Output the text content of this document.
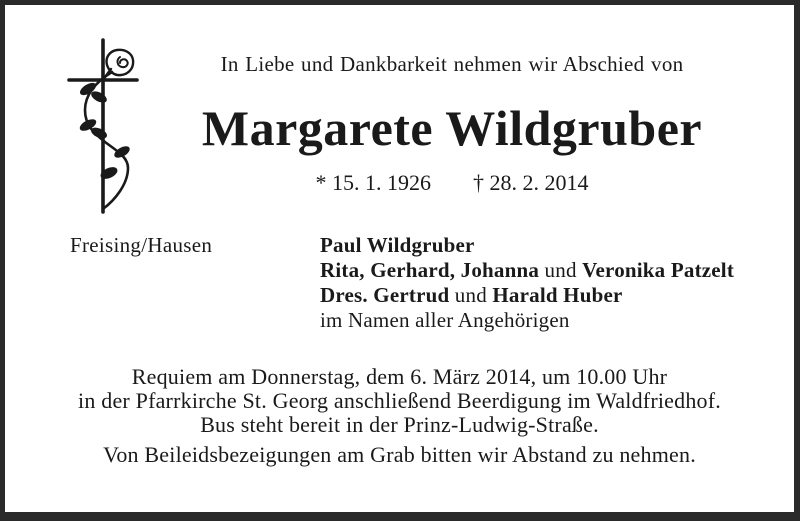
In Liebe und Dankbarkeit nehmen wir Abschied von
Margarete Wildgruber
* 15. 1. 1926 † 28. 2. 2014
Freising/Hausen	Paul Wildgruber
Rita, Gerhard, Johanna und Veronika Patzelt
Dres. Gertrud und Harald Huber
im Namen aller Angehörigen
Requiem am Donnerstag, dem 6. März 2014, um 10.00 Uhr
in der Pfarrkirche St. Georg anschließend Beerdigung im Waldfriedhof.
Bus steht bereit in der Prinz-Ludwig-Straße.
Von Beileidsbezeigungen am Grab bitten wir Abstand zu nehmen.
